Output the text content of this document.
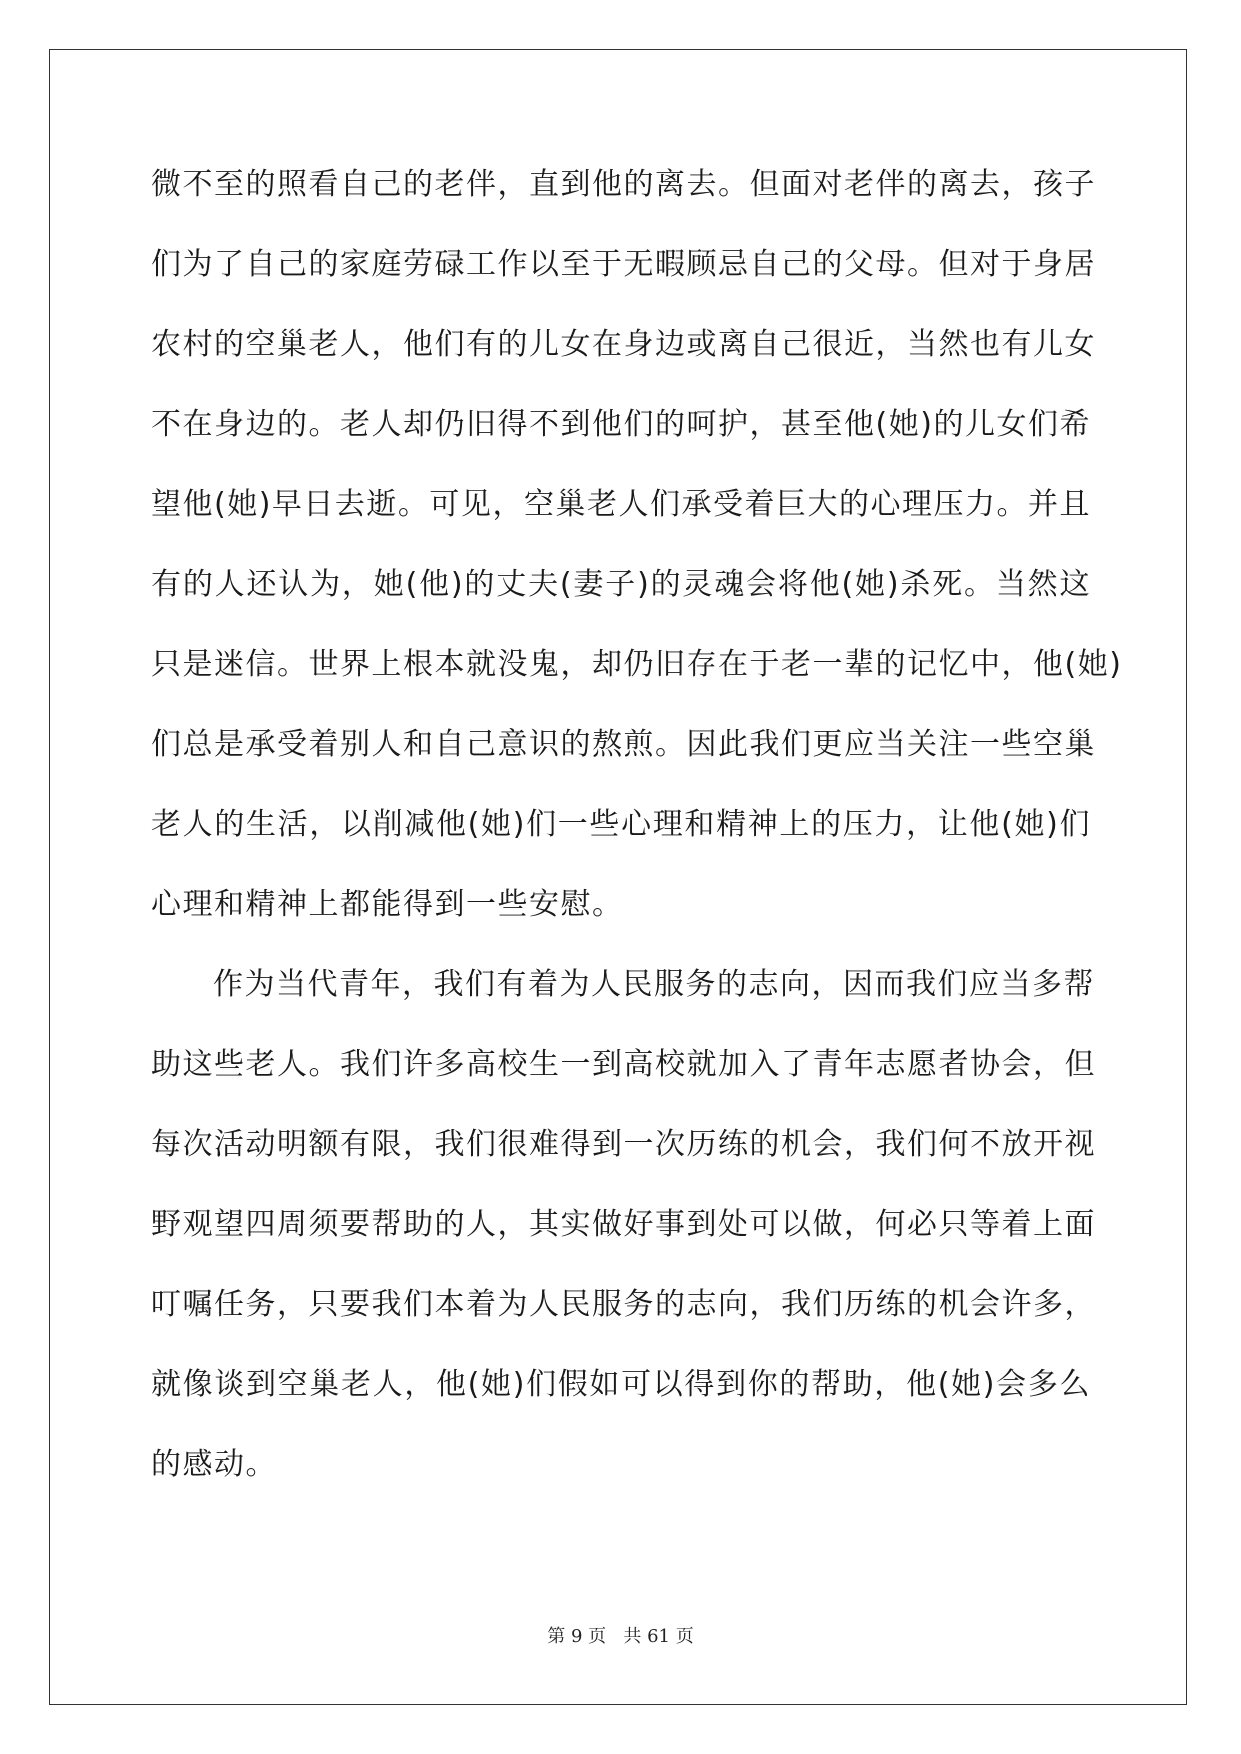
微不至的照看自己的老伴，直到他的离去。但面对老伴的离去，孩子
们为了自己的家庭劳碌工作以至于无暇顾忌自己的父母。但对于身居
农村的空巢老人，他们有的儿女在身边或离自己很近，当然也有儿女
不在身边的。老人却仍旧得不到他们的呵护，甚至他(她)的儿女们希
望他(她)早日去逝。可见，空巢老人们承受着巨大的心理压力。并且
有的人还认为，她(他)的丈夫(妻子)的灵魂会将他(她)杀死。当然这
只是迷信。世界上根本就没鬼，却仍旧存在于老一辈的记忆中，他(她)
们总是承受着别人和自己意识的熬煎。因此我们更应当关注一些空巢
老人的生活，以削减他(她)们一些心理和精神上的压力，让他(她)们
心理和精神上都能得到一些安慰。
作为当代青年，我们有着为人民服务的志向，因而我们应当多帮
助这些老人。我们许多高校生一到高校就加入了青年志愿者协会，但
每次活动明额有限，我们很难得到一次历练的机会，我们何不放开视
野观望四周须要帮助的人，其实做好事到处可以做，何必只等着上面
叮嘱任务，只要我们本着为人民服务的志向，我们历练的机会许多，
就像谈到空巢老人，他(她)们假如可以得到你的帮助，他(她)会多么
的感动。
第 9 页 共 61 页
